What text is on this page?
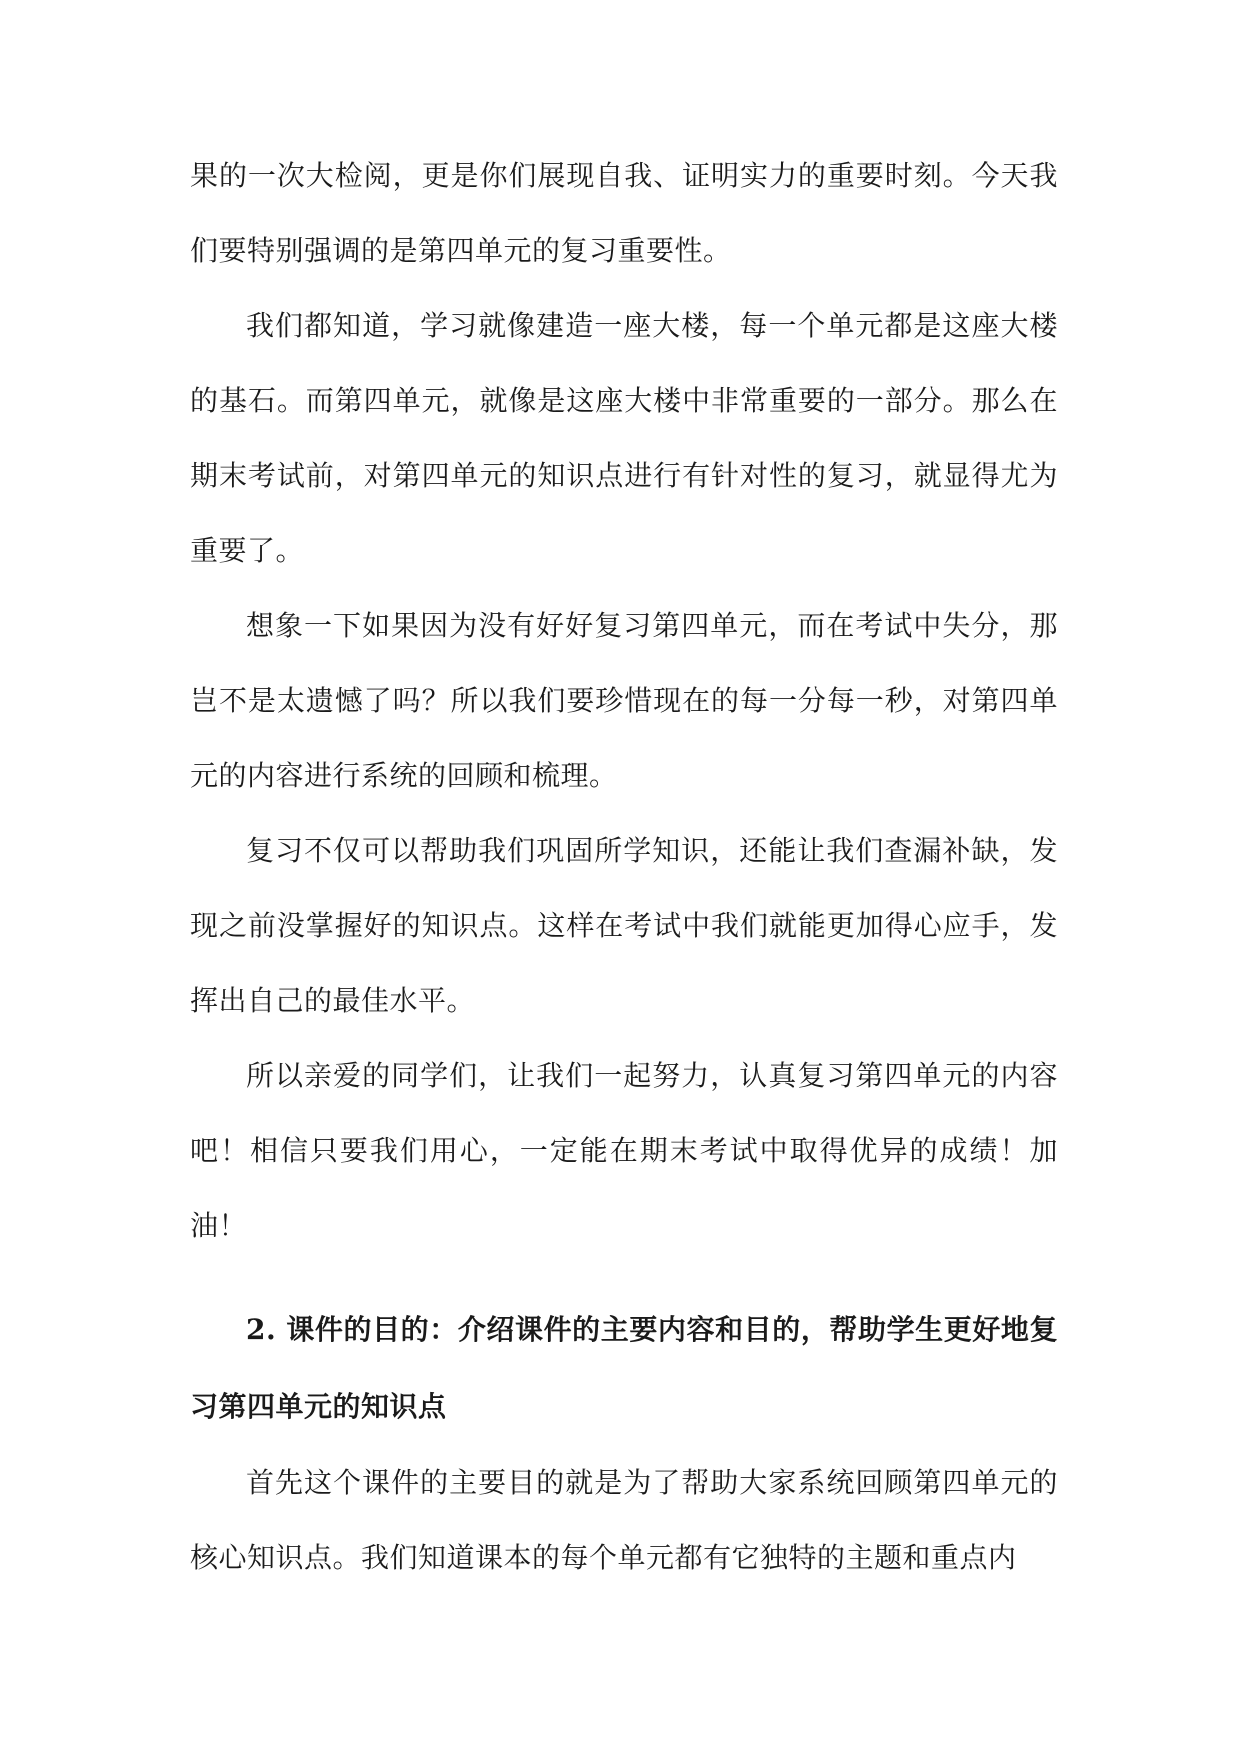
果的一次大检阅，更是你们展现自我、证明实力的重要时刻。今天我们要特别强调的是第四单元的复习重要性。

我们都知道，学习就像建造一座大楼，每一个单元都是这座大楼的基石。而第四单元，就像是这座大楼中非常重要的一部分。那么在期末考试前，对第四单元的知识点进行有针对性的复习，就显得尤为重要了。

想象一下如果因为没有好好复习第四单元，而在考试中失分，那岂不是太遗憾了吗？所以我们要珍惜现在的每一分每一秒，对第四单元的内容进行系统的回顾和梳理。

复习不仅可以帮助我们巩固所学知识，还能让我们查漏补缺，发现之前没掌握好的知识点。这样在考试中我们就能更加得心应手，发挥出自己的最佳水平。

所以亲爱的同学们，让我们一起努力，认真复习第四单元的内容吧！相信只要我们用心，一定能在期末考试中取得优异的成绩！加油！

2. 课件的目的：介绍课件的主要内容和目的，帮助学生更好地复习第四单元的知识点

首先这个课件的主要目的就是为了帮助大家系统回顾第四单元的核心知识点。我们知道课本的每个单元都有它独特的主题和重点内
